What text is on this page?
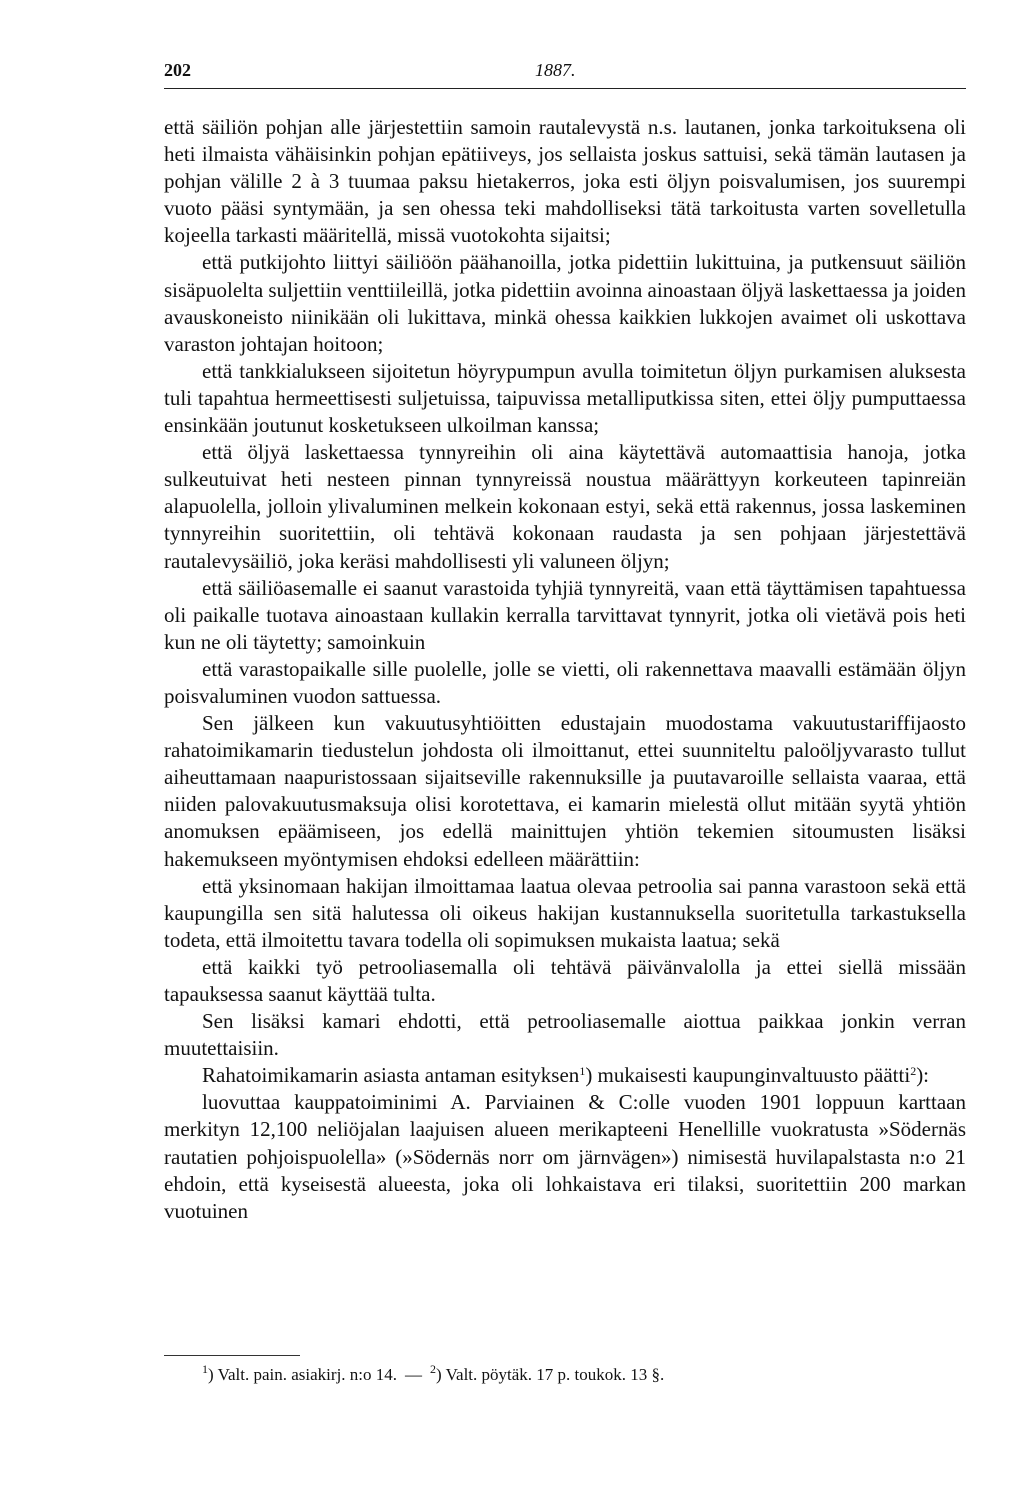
202	1887.

että säiliön pohjan alle järjestettiin samoin rautalevystä n.s. lautanen, jonka tarkoituksena oli heti ilmaista vähäisinkin pohjan epätiiveys, jos sellaista joskus sattuisi, sekä tämän lautasen ja pohjan välille 2 à 3 tuumaa paksu hietakerros, joka esti öljyn poisvalumisen, jos suurempi vuoto pääsi syntymään, ja sen ohessa teki mahdolliseksi tätä tarkoitusta varten sovelletulla kojeella tarkasti määritellä, missä vuotokohta sijaitsi;

että putkijohto liittyi säiliöön päähanoilla, jotka pidettiin lukittuina, ja putkensuut säiliön sisäpuolelta suljettiin venttiileillä, jotka pidettiin avoinna ainoastaan öljyä laskettaessa ja joiden avauskoneisto niinikään oli lukittava, minkä ohessa kaikkien lukkojen avaimet oli uskottava varaston johtajan hoitoon;

että tankkialukseen sijoitetun höyrypumpun avulla toimitetun öljyn purkamisen aluksesta tuli tapahtua hermeettisesti suljetuissa, taipuvissa metalliputkissa siten, ettei öljy pumputtaessa ensinkään joutunut kosketukseen ulkoilman kanssa;

että öljyä laskettaessa tynnyreihin oli aina käytettävä automaattisia hanoja, jotka sulkeutuivat heti nesteen pinnan tynnyreissä noustua määrättyyn korkeuteen tapinreiän alapuolella, jolloin ylivaluminen melkein kokonaan estyi, sekä että rakennus, jossa laskeminen tynnyreihin suoritettiin, oli tehtävä kokonaan raudasta ja sen pohjaan järjestettävä rautalevysäiliö, joka keräsi mahdollisesti yli valuneen öljyn;

että säiliöasemalle ei saanut varastoida tyhjiä tynnyreitä, vaan että täyttämisen tapahtuessa oli paikalle tuotava ainoastaan kullakin kerralla tarvittavat tynnyrit, jotka oli vietävä pois heti kun ne oli täytetty; samoinkuin

että varastopaikalle sille puolelle, jolle se vietti, oli rakennettava maavalli estämään öljyn poisvaluminen vuodon sattuessa.

Sen jälkeen kun vakuutusyhtiöitten edustajain muodostama vakuutustariffijaosto rahatoimikamarin tiedustelun johdosta oli ilmoittanut, ettei suunniteltu paloöljyvarasto tullut aiheuttamaan naapuristossaan sijaitseville rakennuksille ja puutavaroille sellaista vaaraa, että niiden palovakuutusmaksuja olisi korotettava, ei kamarin mielestä ollut mitään syytä yhtiön anomuksen epäämiseen, jos edellä mainittujen yhtiön tekemien sitoumusten lisäksi hakemukseen myöntymisen ehdoksi edelleen määrättiin:

että yksinomaan hakijan ilmoittamaa laatua olevaa petroolia sai panna varastoon sekä että kaupungilla sen sitä halutessa oli oikeus hakijan kustannuksella suoritetulla tarkastuksella todeta, että ilmoitettu tavara todella oli sopimuksen mukaista laatua; sekä

että kaikki työ petrooliasemalla oli tehtävä päivänvalolla ja ettei siellä missään tapauksessa saanut käyttää tulta.

Sen lisäksi kamari ehdotti, että petrooliasemalle aiottua paikkaa jonkin verran muutettaisiin.

Rahatoimikamarin asiasta antaman esityksen$^1$) mukaisesti kaupunginvaltuusto päätti$^2$):

luovuttaa kauppatoiminimi A. Parviainen & C:olle vuoden 1901 loppuun karttaan merkityn 12,100 neliöjalan laajuisen alueen merikapteeni Henellille vuokratusta »Södernäs rautatien pohjoispuolella» (»Södernäs norr om järnvägen») nimisestä huvilapalstasta n:o 21 ehdoin, että kyseisestä alueesta, joka oli lohkaistava eri tilaksi, suoritettiin 200 markan vuotuinen

$^1$) Valt. pain. asiakirj. n:o 14. — $^2$) Valt. pöytäk. 17 p. toukok. 13 §.
